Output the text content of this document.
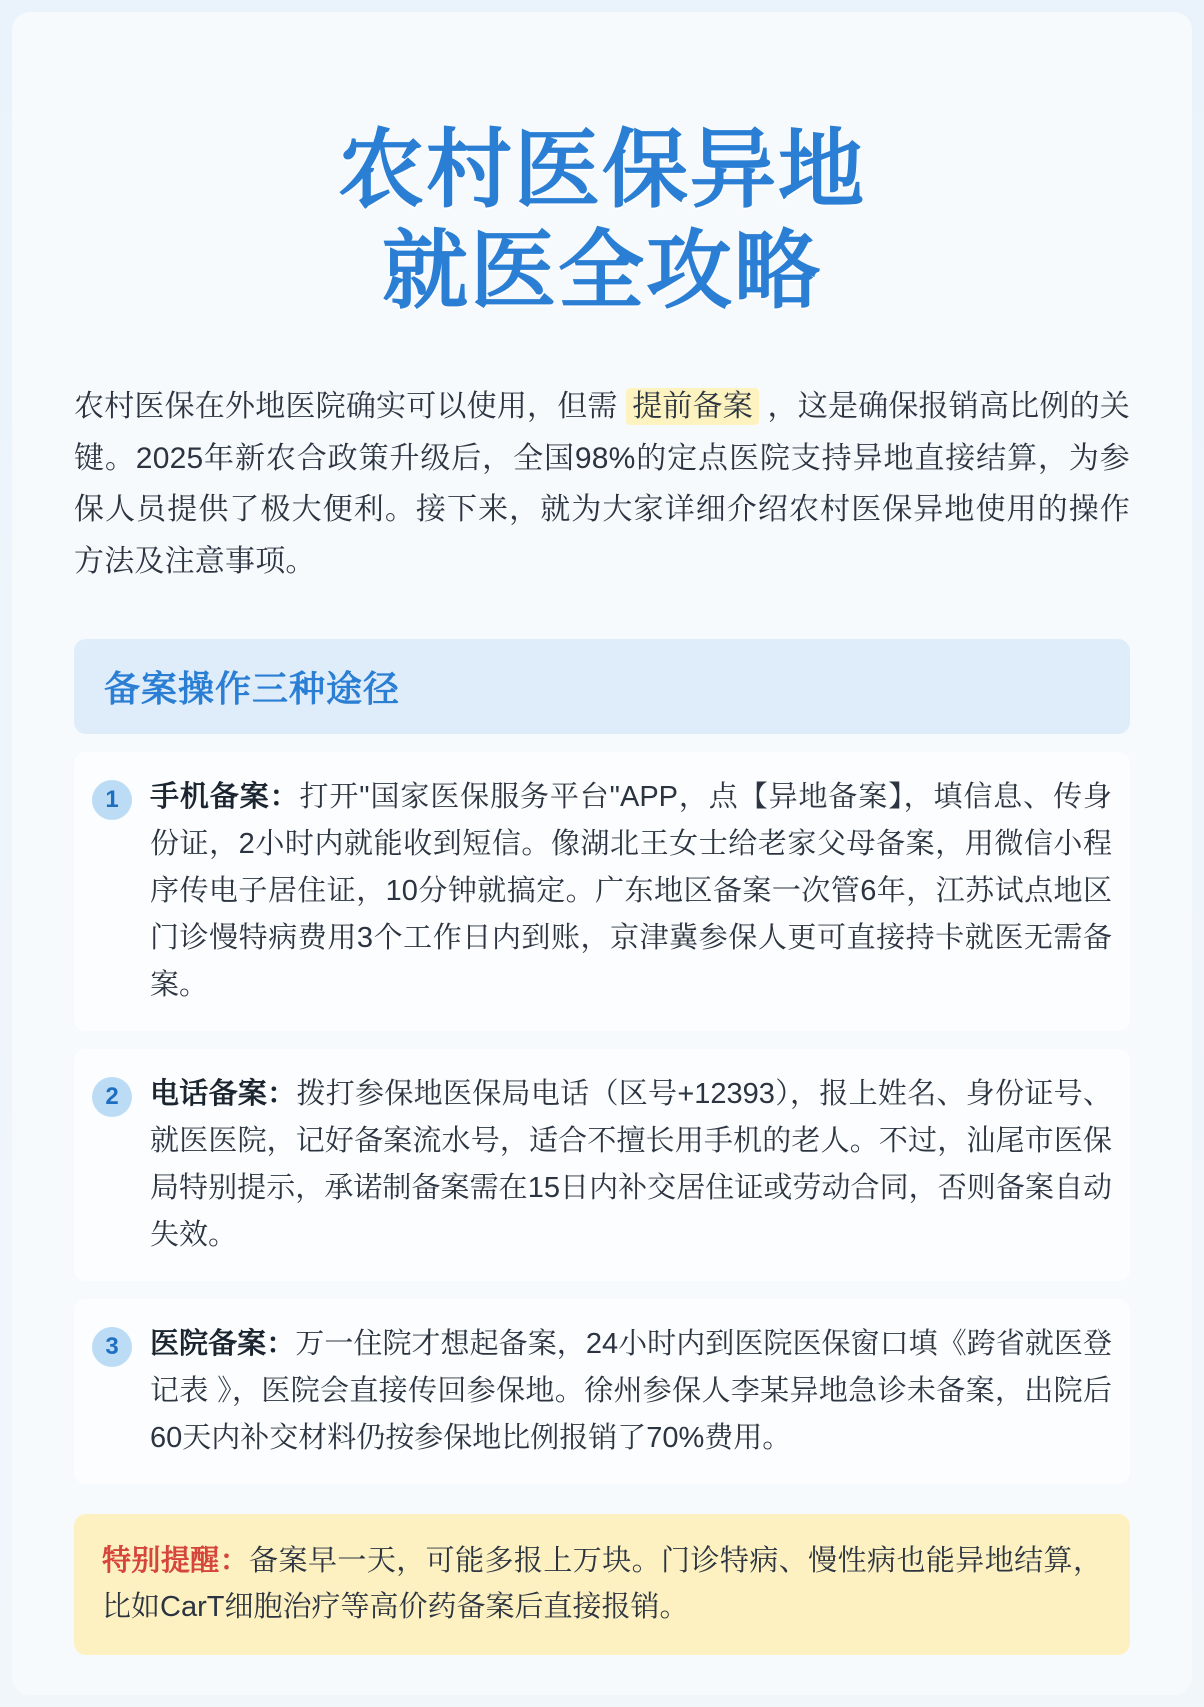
农村医保异地
就医全攻略
农村医保在外地医院确实可以使用，但需 提前备案 ，这是确保报销高比例的关键。2025年新农合政策升级后，全国98%的定点医院支持异地直接结算，为参保人员提供了极大便利。接下来，就为大家详细介绍农村医保异地使用的操作方法及注意事项。
备案操作三种途径
1	手机备案：打开"国家医保服务平台"APP，点【异地备案】，填信息、传身份证，2小时内就能收到短信。像湖北王女士给老家父母备案，用微信小程序传电子居住证，10分钟就搞定。广东地区备案一次管6年，江苏试点地区门诊慢特病费用3个工作日内到账，京津冀参保人更可直接持卡就医无需备案。
2	电话备案：拨打参保地医保局电话（区号+12393），报上姓名、身份证号、就医医院，记好备案流水号，适合不擅长用手机的老人。不过，汕尾市医保局特别提示，承诺制备案需在15日内补交居住证或劳动合同，否则备案自动失效。
3	医院备案：万一住院才想起备案，24小时内到医院医保窗口填《跨省就医登记表 》，医院会直接传回参保地。徐州参保人李某异地急诊未备案，出院后60天内补交材料仍按参保地比例报销了70%费用。
特别提醒：备案早一天，可能多报上万块。门诊特病、慢性病也能异地结算，比如CarT细胞治疗等高价药备案后直接报销。
